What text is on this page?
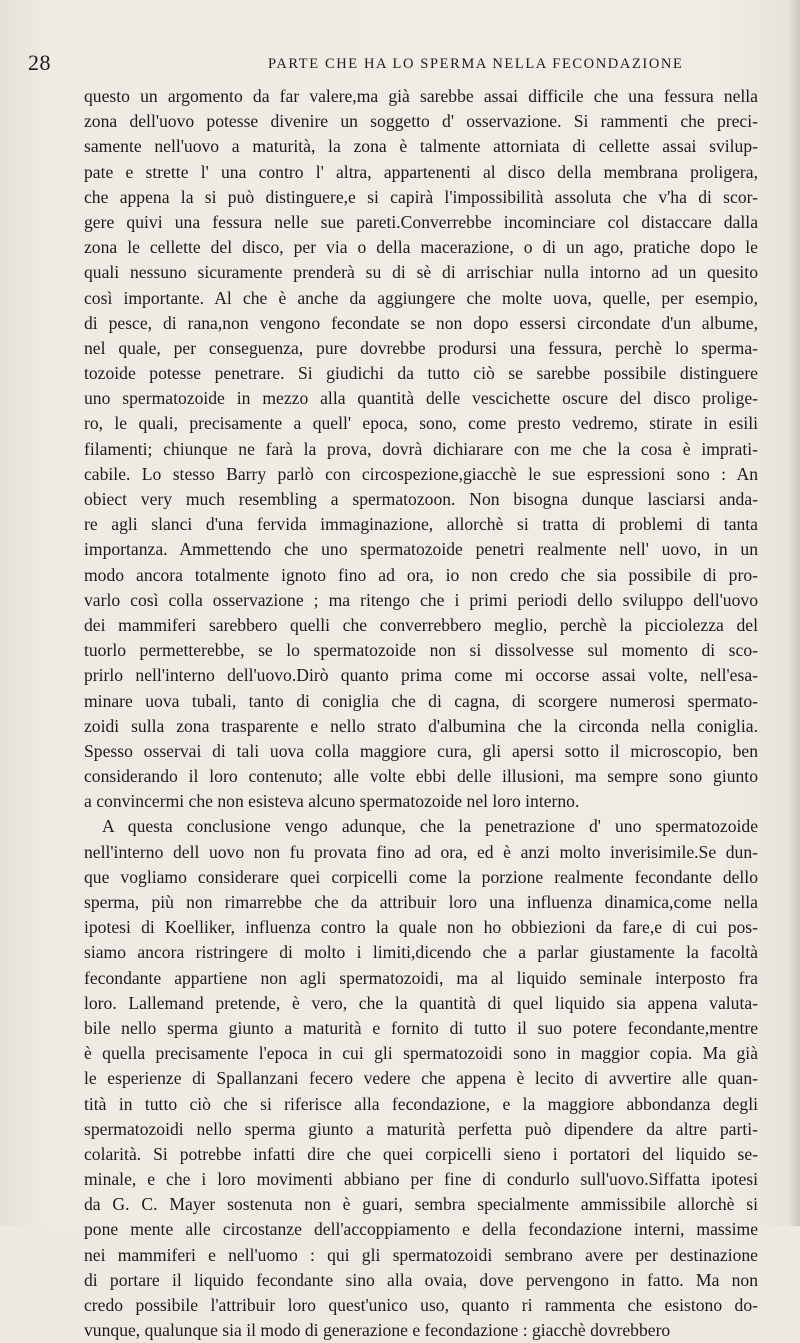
28	PARTE CHE HA LO SPERMA NELLA FECONDAZIONE
questo un argomento da far valere,ma già sarebbe assai difficile che una fessura nella
zona dell'uovo potesse divenire un soggetto d' osservazione. Si rammenti che preci-
samente nell'uovo a maturità, la zona è talmente attorniata di cellette assai svilup-
pate e strette l' una contro l' altra, appartenenti al disco della membrana proligera,
che appena la si può distinguere,e si capirà l'impossibilità assoluta che v'ha di scor-
gere quivi una fessura nelle sue pareti.Converrebbe incominciare col distaccare dalla
zona le cellette del disco, per via o della macerazione, o di un ago, pratiche dopo le
quali nessuno sicuramente prenderà su di sè di arrischiar nulla intorno ad un quesito
così importante. Al che è anche da aggiungere che molte uova, quelle, per esempio,
di pesce, di rana,non vengono fecondate se non dopo essersi circondate d'un albume,
nel quale, per conseguenza, pure dovrebbe prodursi una fessura, perchè lo sperma-
tozoide potesse penetrare. Si giudichi da tutto ciò se sarebbe possibile distinguere
uno spermatozoide in mezzo alla quantità delle vescichette oscure del disco prolige-
ro, le quali, precisamente a quell' epoca, sono, come presto vedremo, stirate in esili
filamenti; chiunque ne farà la prova, dovrà dichiarare con me che la cosa è imprati-
cabile. Lo stesso Barry parlò con circospezione,giacchè le sue espressioni sono : An
obiect very much resembling a spermatozoon. Non bisogna dunque lasciarsi anda-
re agli slanci d'una fervida immaginazione, allorchè si tratta di problemi di tanta
importanza. Ammettendo che uno spermatozoide penetri realmente nell' uovo, in un
modo ancora totalmente ignoto fino ad ora, io non credo che sia possibile di pro-
varlo così colla osservazione ; ma ritengo che i primi periodi dello sviluppo dell'uovo
dei mammiferi sarebbero quelli che converrebbero meglio, perchè la picciolezza del
tuorlo permetterebbe, se lo spermatozoide non si dissolvesse sul momento di sco-
prirlo nell'interno dell'uovo.Dirò quanto prima come mi occorse assai volte, nell'esa-
minare uova tubali, tanto di coniglia che di cagna, di scorgere numerosi spermato-
zoidi sulla zona trasparente e nello strato d'albumina che la circonda nella coniglia.
Spesso osservai di tali uova colla maggiore cura, gli apersi sotto il microscopio, ben
considerando il loro contenuto; alle volte ebbi delle illusioni, ma sempre sono giunto
a convincermi che non esisteva alcuno spermatozoide nel loro interno.
A questa conclusione vengo adunque, che la penetrazione d' uno spermatozoide
nell'interno dell uovo non fu provata fino ad ora, ed è anzi molto inverisimile.Se dun-
que vogliamo considerare quei corpicelli come la porzione realmente fecondante dello
sperma, più non rimarrebbe che da attribuir loro una influenza dinamica,come nella
ipotesi di Koelliker, influenza contro la quale non ho obbiezioni da fare,e di cui pos-
siamo ancora ristringere di molto i limiti,dicendo che a parlar giustamente la facoltà
fecondante appartiene non agli spermatozoidi, ma al liquido seminale interposto fra
loro. Lallemand pretende, è vero, che la quantità di quel liquido sia appena valuta-
bile nello sperma giunto a maturità e fornito di tutto il suo potere fecondante,mentre
è quella precisamente l'epoca in cui gli spermatozoidi sono in maggior copia. Ma già
le esperienze di Spallanzani fecero vedere che appena è lecito di avvertire alle quan-
tità in tutto ciò che si riferisce alla fecondazione, e la maggiore abbondanza degli
spermatozoidi nello sperma giunto a maturità perfetta può dipendere da altre parti-
colarità. Si potrebbe infatti dire che quei corpicelli sieno i portatori del liquido se-
minale, e che i loro movimenti abbiano per fine di condurlo sull'uovo.Siffatta ipotesi
da G. C. Mayer sostenuta non è guari, sembra specialmente ammissibile allorchè si
pone mente alle circostanze dell'accoppiamento e della fecondazione interni, massime
nei mammiferi e nell'uomo : qui gli spermatozoidi sembrano avere per destinazione
di portare il liquido fecondante sino alla ovaia, dove pervengono in fatto. Ma non
credo possibile l'attribuir loro quest'unico uso, quanto ri rammenta che esistono do-
vunque, qualunque sia il modo di generazione e fecondazione : giacchè dovrebbero
